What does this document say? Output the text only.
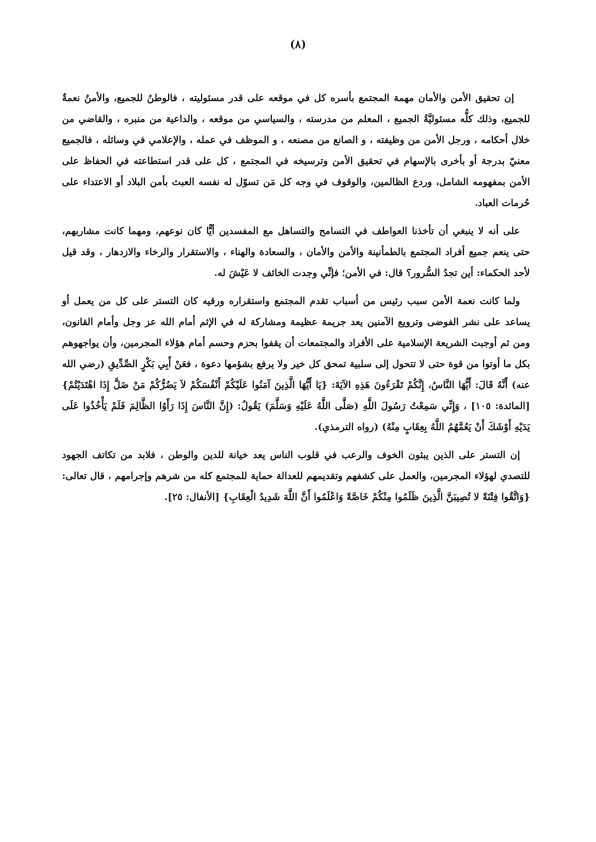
(٨)

إن تحقيق الأمن والأمان مهمة المجتمع بأسره كل في موقعه على قدر مسئوليته ، فالوطنُ للجميع، والأمنُ نعمةٌ للجميع، وذلك كلُّه مسئوليَّةُ الجميع ، المعلم من مدرسته ، والسياسي من موقعه ، والداعية من منبره ، والقاضي من خلال أحكامه ، ورجل الأمن من وظيفته ، و الصانع من مصنعه ، و الموظف في عمله ، والإعلامي في وسائله ، فالجميع معنيّ بدرجة أو بأخرى بالإسهام في تحقيق الأمن وترسيخه في المجتمع ، كل على قدر استطاعته في الحفاظ على الأمن بمفهومه الشامل، وردع الظالمين، والوقوف في وجه كل مَن تسوّل له نفسه العبث بأمن البلاد أو الاعتداء على حُرمات العباد.

على أنه لا ينبغي أن تأخذنا العواطف في التسامح والتساهل مع المفسدين أيًّا كان نوعهم، ومهما كانت مشاربهم، حتى ينعم جميع أفراد المجتمع بالطمأنينة والأمن والأمان ، والسعادة والهناء ، والاستقرار والرخاء والازدهار ، وقد قيل لأحد الحكماء: أين تجدُ السُّرور؟ قال: في الأمن؛ فإنِّي وجدت الخائف لا عَيْشَ له.

ولما كانت نعمة الأمن سبب رئيس من أسباب تقدم المجتمع واستقراره ورقيه كان التستر على كل من يعمل أو يساعد على نشر الفوضى وترويع الآمنين يعد جريمة عظيمة ومشاركة له في الإثم أمام الله عز وجل وأمام القانون، ومن ثم أوجبت الشريعة الإسلامية على الأفراد والمجتمعات أن يقفوا بحزم وحسم أمام هؤلاء المجرمين، وأن يواجهوهم بكل ما أوتوا من قوة حتى لا تتحول إلى سلبية تمحق كل خير ولا يرفع بشؤمها دعوة ، فعَنْ أَبِي بَكْرٍ الصِّدِّيقِ (رضي الله عنه) أَنَّهُ قَالَ: أَيُّهَا النَّاسُ، إِنَّكُمْ تَقْرَءُونَ هَذِهِ الآيَةَ: {يَا أَيُّهَا الَّذِينَ آمَنُوا عَلَيْكُمْ أَنْفُسَكُمْ لاَ يَضُرُّكُمْ مَنْ ضَلَّ إِذَا اهْتَدَيْتُمْ} [المائدة: ١٠٥] ، وَإِنِّي سَمِعْتُ رَسُولَ اللَّهِ (صَلَّى اللَّهُ عَلَيْهِ وَسَلَّمَ) يَقُولُ: (إِنَّ النَّاسَ إِذَا رَأَوُا الظَّالِمَ فَلَمْ يَأْخُذُوا عَلَى يَدَيْهِ أَوْشَكَ أَنْ يَعُمَّهُمُ اللَّهُ بِعِقَابٍ مِنْهُ) (رواه الترمذي).

إن التستر على الذين يبثون الخوف والرعب في قلوب الناس يعد خيانة للدين والوطن ، فلابد من تكاتف الجهود للتصدي لهؤلاء المجرمين، والعمل على كشفهم وتقديمهم للعدالة حماية للمجتمع كله من شرهم وإجرامهم ، قال تعالى: {وَاتَّقُوا فِتْنَةً لا تُصِيبَنَّ الَّذِينَ ظَلَمُوا مِنْكُمْ خَاصَّةً وَاعْلَمُوا أَنَّ اللَّهَ شَدِيدُ الْعِقَابِ} [الأنفال: ٢٥].
